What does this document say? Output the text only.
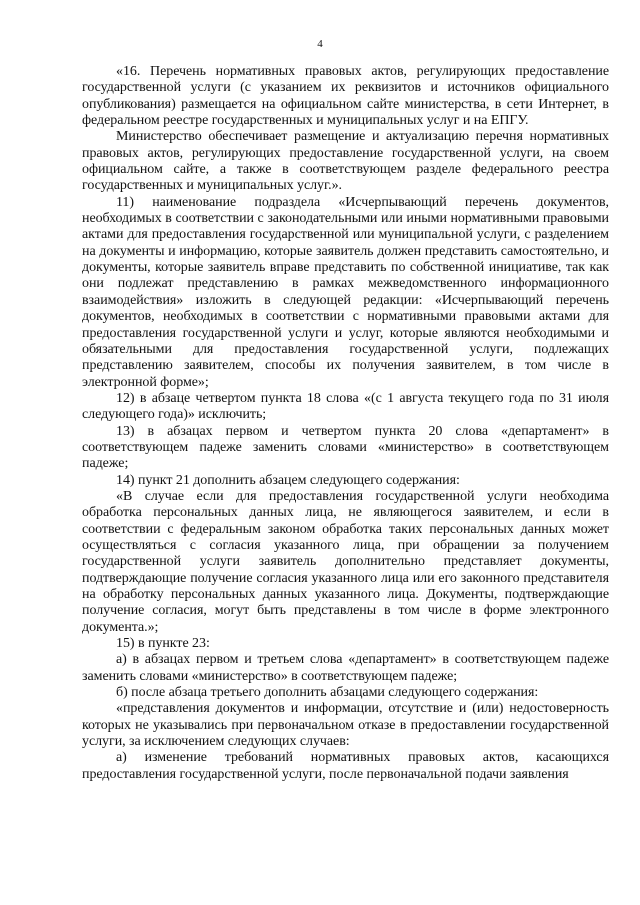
4

«16. Перечень нормативных правовых актов, регулирующих предоставление государственной услуги (с указанием их реквизитов и источников официального опубликования) размещается на официальном сайте министерства, в сети Интернет, в федеральном реестре государственных и муниципальных услуг и на ЕПГУ.

Министерство обеспечивает размещение и актуализацию перечня нормативных правовых актов, регулирующих предоставление государственной услуги, на своем официальном сайте, а также в соответствующем разделе федерального реестра государственных и муниципальных услуг.».

11) наименование подраздела «Исчерпывающий перечень документов, необходимых в соответствии с законодательными или иными нормативными правовыми актами для предоставления государственной или муниципальной услуги, с разделением на документы и информацию, которые заявитель должен представить самостоятельно, и документы, которые заявитель вправе представить по собственной инициативе, так как они подлежат представлению в рамках межведомственного информационного взаимодействия» изложить в следующей редакции: «Исчерпывающий перечень документов, необходимых в соответствии с нормативными правовыми актами для предоставления государственной услуги и услуг, которые являются необходимыми и обязательными для предоставления государственной услуги, подлежащих представлению заявителем, способы их получения заявителем, в том числе в электронной форме»;

12) в абзаце четвертом пункта 18 слова «(с 1 августа текущего года по 31 июля следующего года)» исключить;

13) в абзацах первом и четвертом пункта 20 слова «департамент» в соответствующем падеже заменить словами «министерство» в соответствующем падеже;

14) пункт 21 дополнить абзацем следующего содержания:

«В случае если для предоставления государственной услуги необходима обработка персональных данных лица, не являющегося заявителем, и если в соответствии с федеральным законом обработка таких персональных данных может осуществляться с согласия указанного лица, при обращении за получением государственной услуги заявитель дополнительно представляет документы, подтверждающие получение согласия указанного лица или его законного представителя на обработку персональных данных указанного лица. Документы, подтверждающие получение согласия, могут быть представлены в том числе в форме электронного документа.»;

15) в пункте 23:

а) в абзацах первом и третьем слова «департамент» в соответствующем падеже заменить словами «министерство» в соответствующем падеже;

б) после абзаца третьего дополнить абзацами следующего содержания:

«представления документов и информации, отсутствие и (или) недостоверность которых не указывались при первоначальном отказе в предоставлении государственной услуги, за исключением следующих случаев:

а) изменение требований нормативных правовых актов, касающихся предоставления государственной услуги, после первоначальной подачи заявления
